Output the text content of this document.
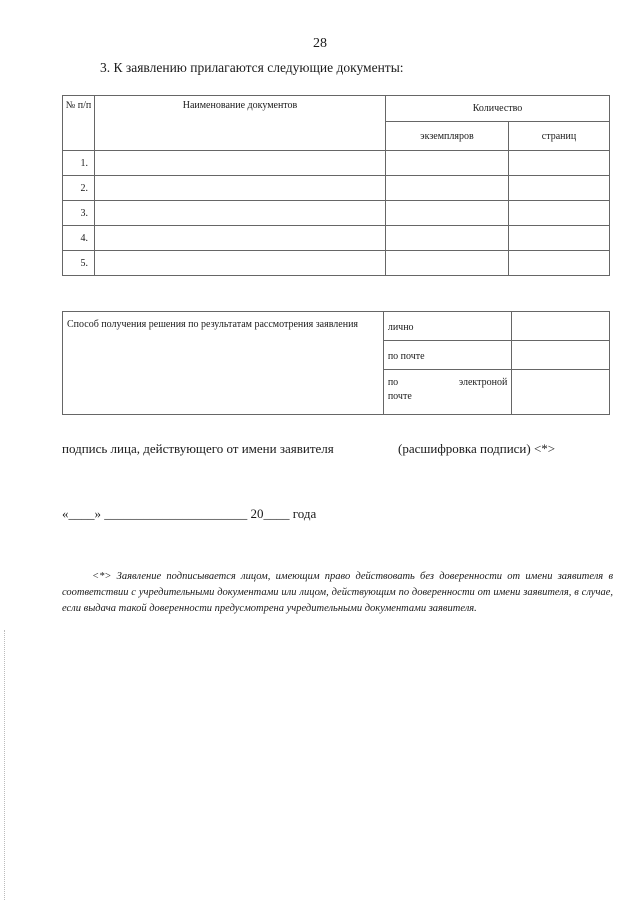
28
3. К заявлению прилагаются следующие документы:
№ п/п	Наименование документов	Количество	
		экземпляров	страниц
1.			
2.			
3.			
4.			
5.			
Способ получения решения по результатам рассмотрения заявления	лично	
	по почте	

	по электроной
почте	

подпись лица, действующего от имени заявителя	(расшифровка подписи) <*>
«____» ______________________ 20____ года
<*> Заявление подписывается лицом, имеющим право действовать без доверенности от имени заявителя в соответствии с учредительными документами или лицом, действующим по доверенности от имени заявителя, в случае, если выдача такой доверенности предусмотрена учредительными документами заявителя.
